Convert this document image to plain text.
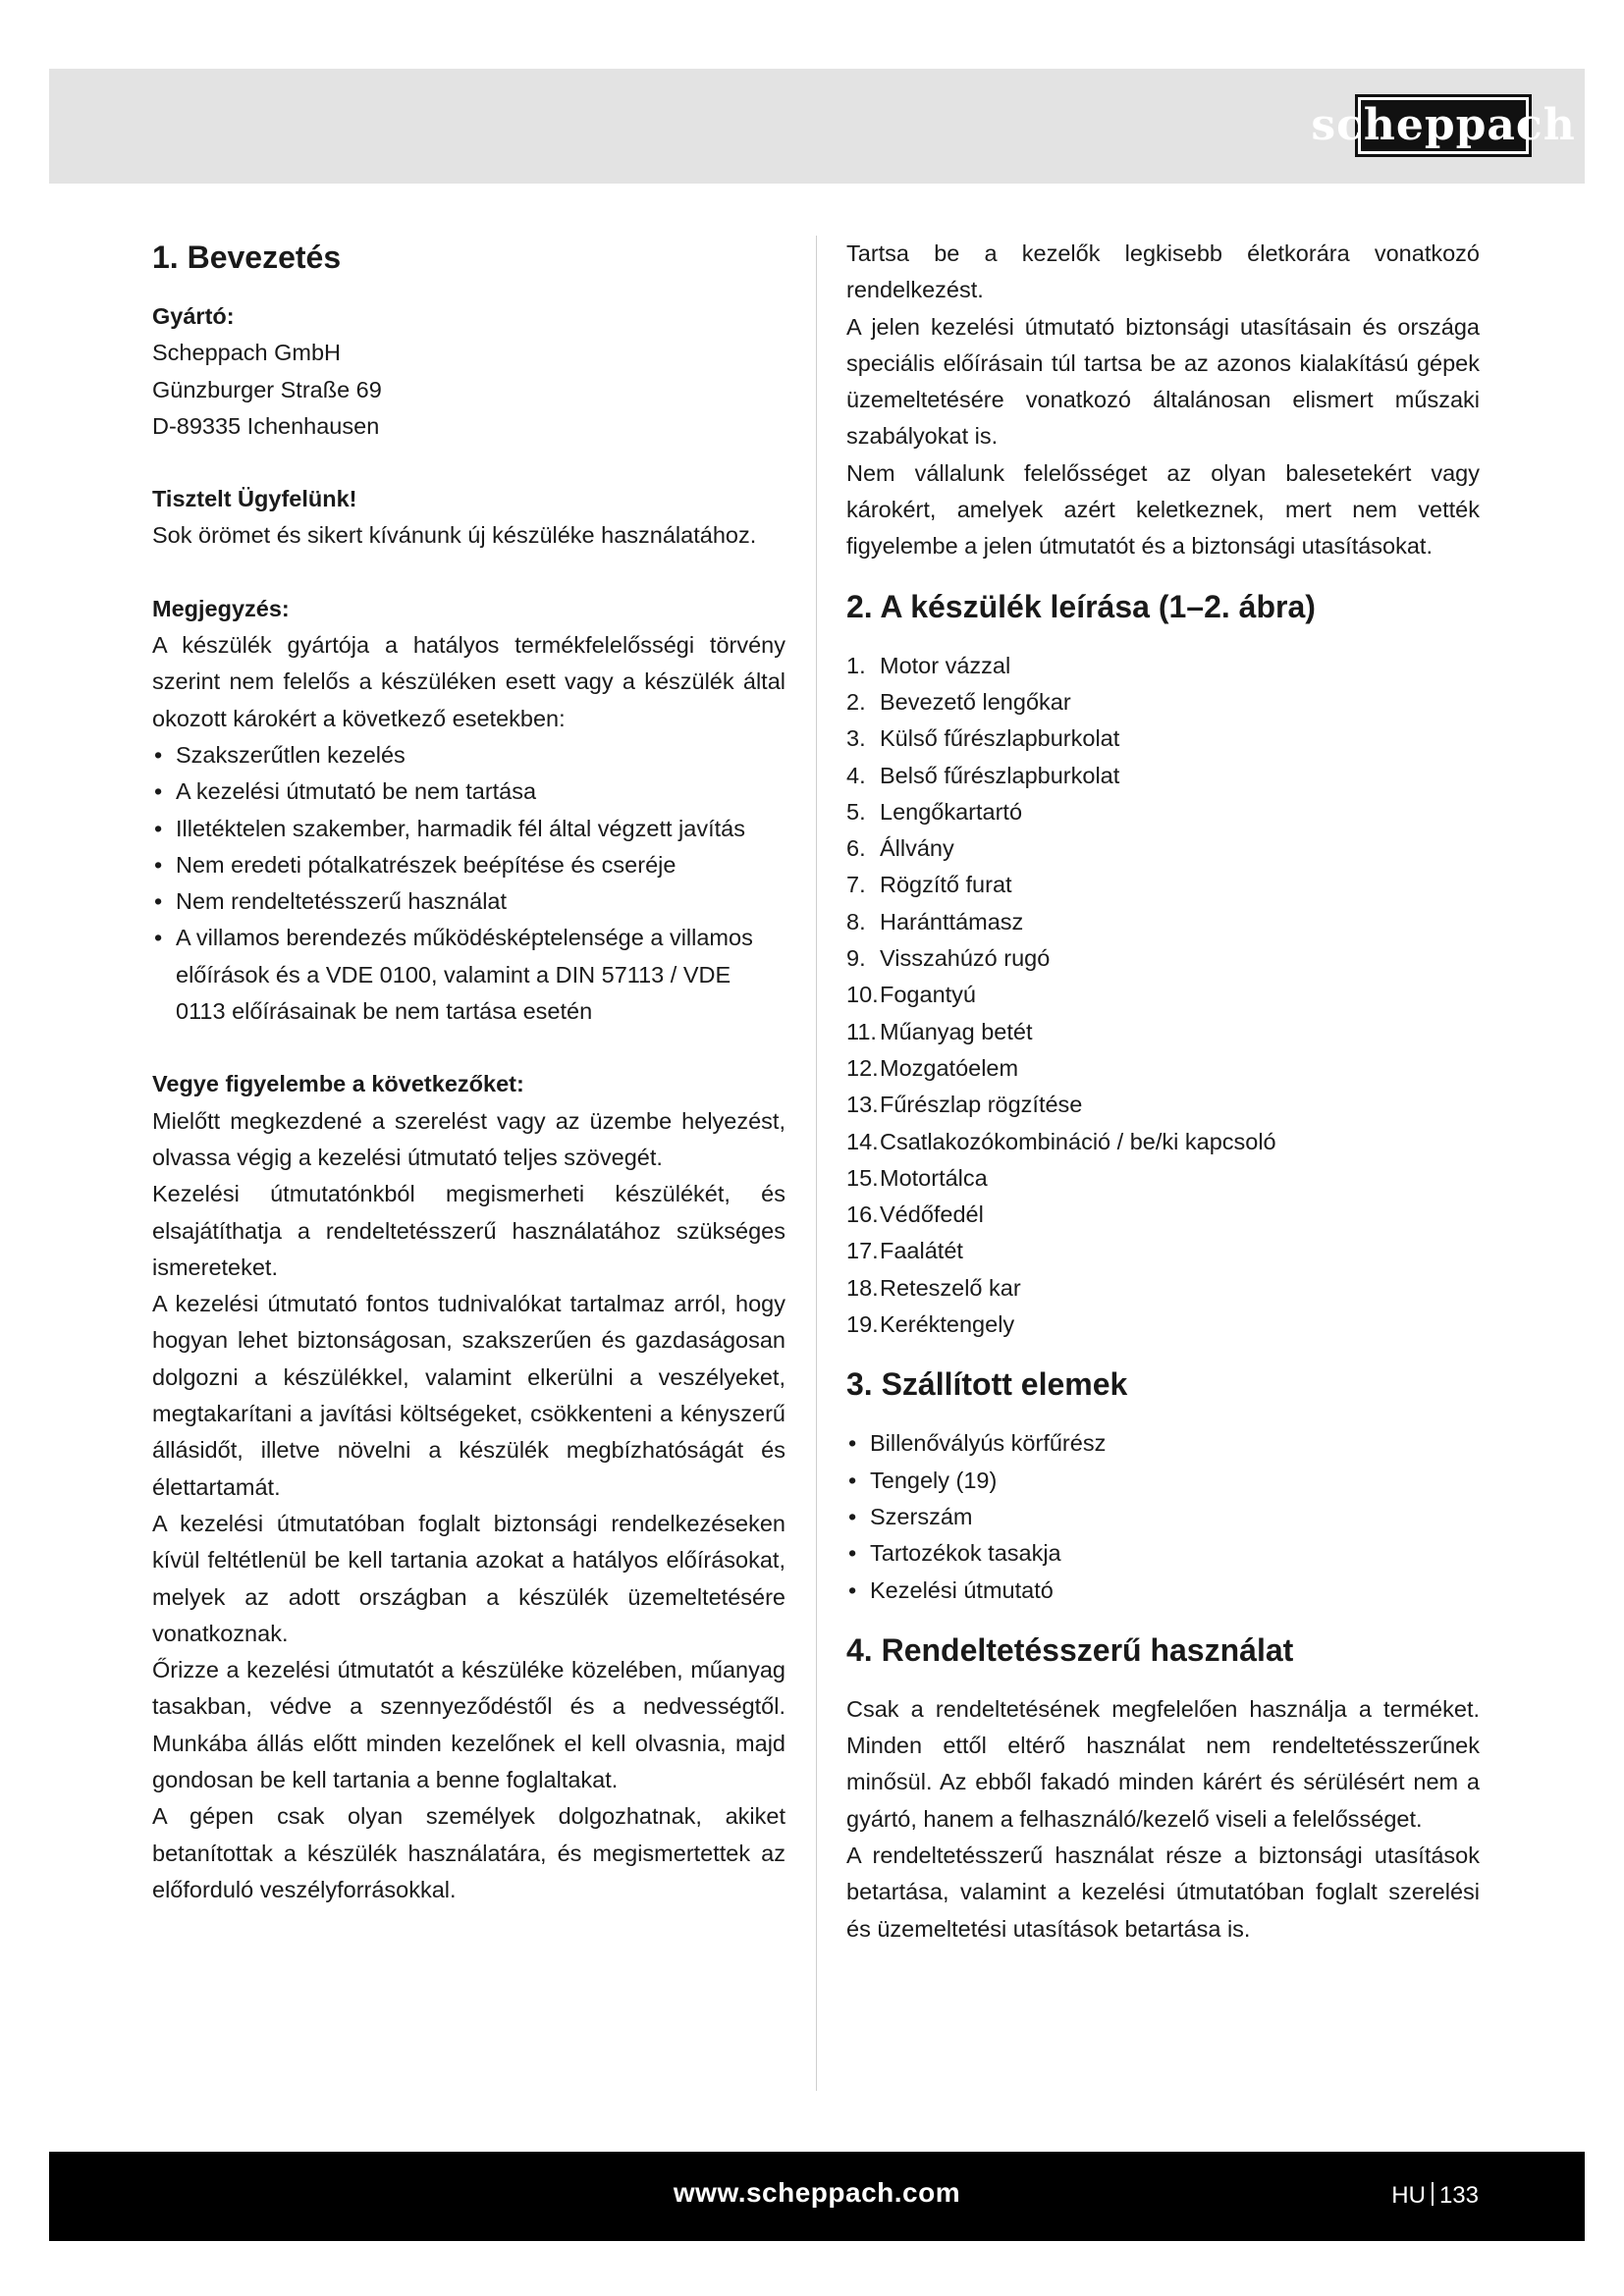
scheppach
1. Bevezetés
Gyártó:
Scheppach GmbH
Günzburger Straße 69
D-89335 Ichenhausen
Tisztelt Ügyfelünk!

Sok örömet és sikert kívánunk új készüléke használatához.

Megjegyzés:

A készülék gyártója a hatályos termékfelelősségi törvény szerint nem felelős a készüléken esett vagy a készülék által okozott károkért a következő esetekben:

• Szakszerűtlen kezelés
• A kezelési útmutató be nem tartása
• Illetéktelen szakember, harmadik fél által végzett javítás
• Nem eredeti pótalkatrészek beépítése és cseréje
• Nem rendeltetésszerű használat
• A villamos berendezés működésképtelensége a villamos előírások és a VDE 0100, valamint a DIN 57113 / VDE 0113 előírásainak be nem tartása esetén
Vegye figyelembe a következőket:

Mielőtt megkezdené a szerelést vagy az üzembe helyezést, olvassa végig a kezelési útmutató teljes szövegét.

Kezelési útmutatónkból megismerheti készülékét, és elsajátíthatja a rendeltetésszerű használatához szükséges ismereteket.

A kezelési útmutató fontos tudnivalókat tartalmaz arról, hogy hogyan lehet biztonságosan, szakszerűen és gazdaságosan dolgozni a készülékkel, valamint elkerülni a veszélyeket, megtakarítani a javítási költségeket, csökkenteni a kényszerű állásidőt, illetve növelni a készülék megbízhatóságát és élettartamát.

A kezelési útmutatóban foglalt biztonsági rendelkezéseken kívül feltétlenül be kell tartania azokat a hatályos előírásokat, melyek az adott országban a készülék üzemeltetésére vonatkoznak.

Őrizze a kezelési útmutatót a készüléke közelében, műanyag tasakban, védve a szennyeződéstől és a nedvességtől. Munkába állás előtt minden kezelőnek el kell olvasnia, majd gondosan be kell tartania a benne foglaltakat.

A gépen csak olyan személyek dolgozhatnak, akiket betanítottak a készülék használatára, és megismertettek az előforduló veszélyforrásokkal.

Tartsa be a kezelők legkisebb életkorára vonatkozó rendelkezést.

A jelen kezelési útmutató biztonsági utasításain és országa speciális előírásain túl tartsa be az azonos kialakítású gépek üzemeltetésére vonatkozó általánosan elismert műszaki szabályokat is.

Nem vállalunk felelősséget az olyan balesetekért vagy károkért, amelyek azért keletkeznek, mert nem vették figyelembe a jelen útmutatót és a biztonsági utasításokat.

2. A készülék leírása (1–2. ábra)
1. Motor vázzal
2. Bevezető lengőkar
3. Külső fűrészlapburkolat
4. Belső fűrészlapburkolat
5. Lengőkartartó
6. Állvány
7. Rögzítő furat
8. Haránttámasz
9. Visszahúzó rugó
10. Fogantyú
11. Műanyag betét
12. Mozgatóelem
13. Fűrészlap rögzítése
14. Csatlakozókombináció / be/ki kapcsoló
15. Motortálca
16. Védőfedél
17. Faalátét
18. Reteszelő kar
19. Keréktengely
3. Szállított elemek
• Billenővályús körfűrész
• Tengely (19)
• Szerszám
• Tartozékok tasakja
• Kezelési útmutató
4. Rendeltetésszerű használat

Csak a rendeltetésének megfelelően használja a terméket. Minden ettől eltérő használat nem rendeltetésszerűnek minősül. Az ebből fakadó minden kárért és sérülésért nem a gyártó, hanem a felhasználó/kezelő viseli a felelősséget.

A rendeltetésszerű használat része a biztonsági utasítások betartása, valamint a kezelési útmutatóban foglalt szerelési és üzemeltetési utasítások betartása is.

www.scheppach.com	HU 133
